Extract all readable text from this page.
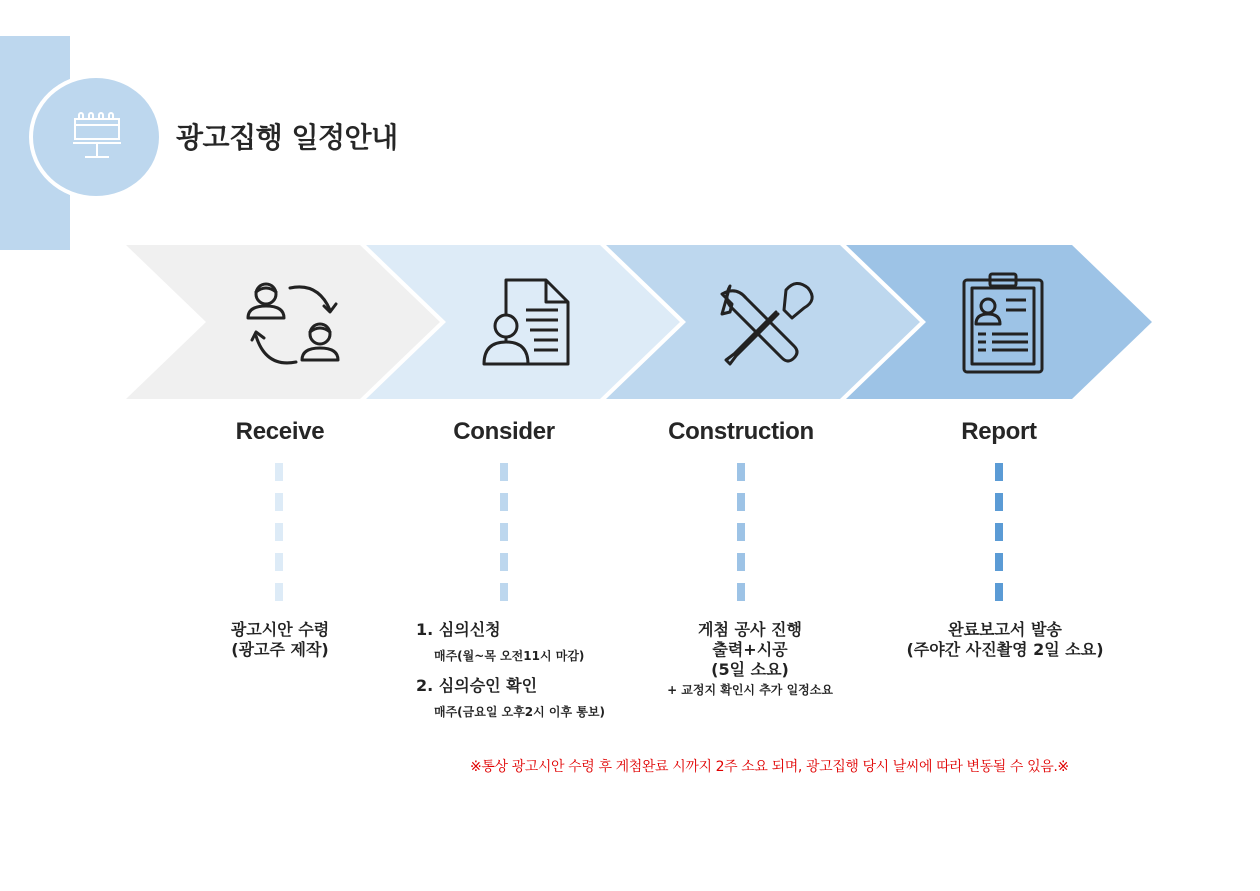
광고집행 일정안내
Receive	Consider	Construction	Report
광고시안 수령
(광고주 제작)
1. 심의신청
매주(월~목 오전11시 마감)
2. 심의승인 확인
매주(금요일 오후2시 이후 통보)
게첨 공사 진행
출력+시공
(5일 소요)
+ 교정지 확인시 추가 일정소요
완료보고서 발송
(주야간 사진촬영 2일 소요)
※통상 광고시안 수령 후 게첨완료 시까지 2주 소요 되며, 광고집행 당시 날씨에 따라 변동될 수 있음.※
